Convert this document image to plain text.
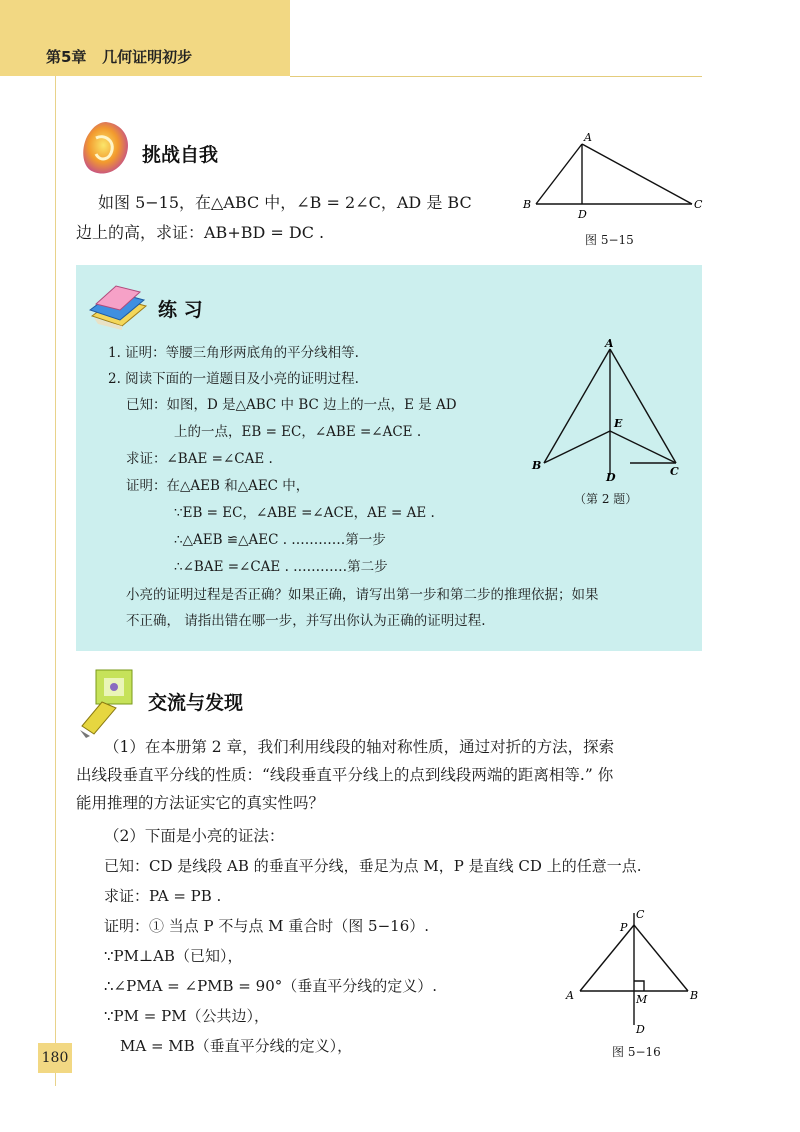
第5章 几何证明初步
挑战自我
如图 5−15，在△ABC 中，∠B = 2∠C，AD 是 BC
边上的高，求证：AB+BD = DC .
A
B	C
D
图 5−15
练 习
1. 证明：等腰三角形两底角的平分线相等.
2. 阅读下面的一道题目及小亮的证明过程.
已知：如图，D 是△ABC 中 BC 边上的一点，E 是 AD
上的一点，EB = EC，∠ABE =∠ACE .
求证：∠BAE =∠CAE .
证明：在△AEB 和△AEC 中，
∵EB = EC，∠ABE =∠ACE，AE = AE .
∴△AEB ≌△AEC . …………第一步
∴∠BAE =∠CAE . …………第二步
小亮的证明过程是否正确？如果正确，请写出第一步和第二步的推理依据；如果
不正确， 请指出错在哪一步，并写出你认为正确的证明过程.
A
E
B
D	C
（第 2 题）
交流与发现
（1）在本册第 2 章，我们利用线段的轴对称性质，通过对折的方法，探索
出线段垂直平分线的性质：“线段垂直平分线上的点到线段两端的距离相等.” 你
能用推理的方法证实它的真实性吗？
（2）下面是小亮的证法：
已知：CD 是线段 AB 的垂直平分线，垂足为点 M，P 是直线 CD 上的任意一点.
求证：PA = PB .
证明：① 当点 P 不与点 M 重合时（图 5−16）.
∵PM⊥AB（已知），
∴∠PMA = ∠PMB = 90°（垂直平分线的定义）.
∵PM = PM（公共边），
MA = MB（垂直平分线的定义），
C
P
A	M	B
D
图 5−16
180
